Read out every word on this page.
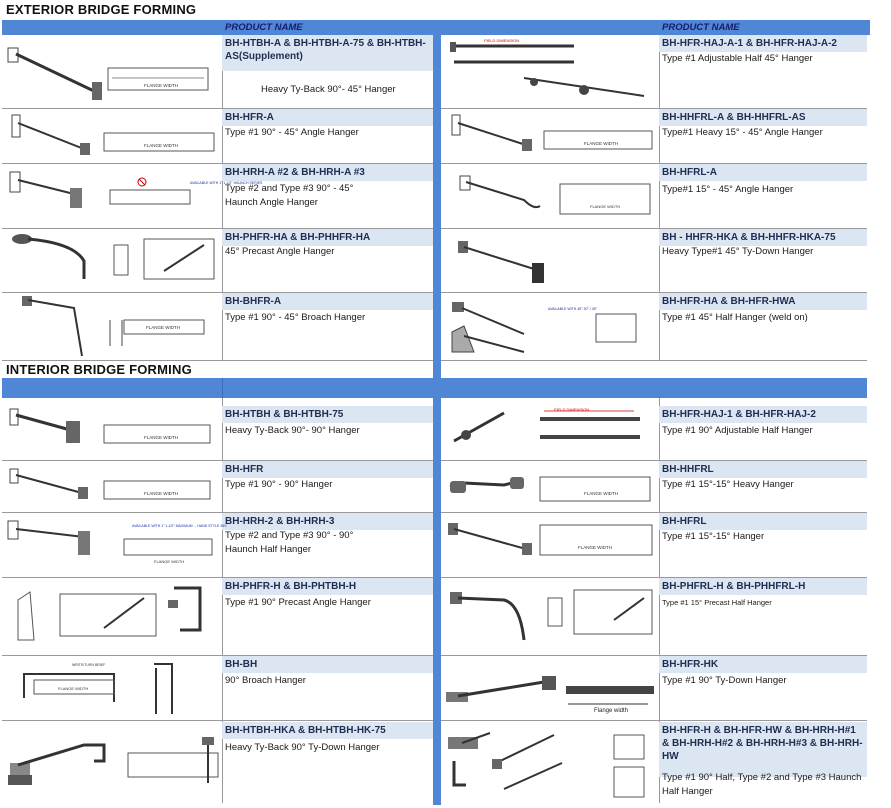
EXTERIOR BRIDGE FORMING
PRODUCT NAME	PRODUCT NAME
BH-HTBH-A & BH-HTBH-A-75 & BH-HTBH-AS(Supplement)
Heavy Ty-Back 90°- 45° Hanger
BH-HFR-A
Type #1 90° - 45° Angle Hanger
BH-HRH-A #2 & BH-HRH-A #3
Type #2 and Type #3 90° - 45° Haunch Angle Hanger
BH-PHFR-HA & BH-PHHFR-HA
45° Precast Angle Hanger
BH-BHFR-A
Type #1 90° - 45° Broach Hanger
BH-HFR-HAJ-A-1 & BH-HFR-HAJ-A-2
Type #1 Adjustable Half 45° Hanger
BH-HHFRL-A & BH-HHFRL-AS
Type#1 Heavy 15° - 45° Angle Hanger
BH-HFRL-A
Type#1 15° - 45° Angle Hanger
BH - HHFR-HKA & BH-HHFR-HKA-75
Heavy Type#1 45° Ty-Down Hanger
BH-HFR-HA & BH-HFR-HWA
Type #1 45° Half Hanger (weld on)
INTERIOR BRIDGE FORMING
BH-HTBH & BH-HTBH-75
Heavy Ty-Back 90°- 90° Hanger
BH-HFR
Type #1 90° - 90° Hanger
BH-HRH-2 & BH-HRH-3
Type #2 and Type #3 90° - 90° Haunch Half Hanger
BH-PHFR-H & BH-PHTBH-H
Type #1 90° Precast Angle Hanger
BH-BH
90° Broach Hanger
BH-HTBH-HKA & BH-HTBH-HK-75
Heavy Ty-Back 90° Ty-Down Hanger
BH-HFR-HAJ-1 & BH-HFR-HAJ-2
Type #1 90° Adjustable Half Hanger
BH-HHFRL
Type #1 15°-15° Heavy Hanger
BH-HFRL
Type #1 15°-15° Hanger
BH-PHFRL-H & BH-PHHFRL-H
Type #1 15° Precast Half Hanger
BH-HFR-HK
Type #1 90° Ty-Down Hanger
BH-HFR-H & BH-HFR-HW & BH-HRH-H#1 & BH-HRH-H#2 & BH-HRH-H#3 & BH-HRH-HW
Type #1 90° Half, Type #2 and Type #3 Haunch Half Hanger
FLANGE WIDTH
FLANGE WIDTH
AVAILABLE WITH 1" 1-1/2" HAUNCH SERIES
FLANGE WIDTH
FIELD DIMENSION
FLANGE WIDTH
FLANGE WIDTH
AVAILABLE WITH 45° 30° / 45°
FLANGE WIDTH
FLANGE WIDTH
AVAILABLE WITH 1" 1-1/2" MAXIMUM ... HAND STYLE 35S
FLANGE WIDTH
WRITE/TURN BRIEF
FLANGE WIDTH
FIELD DIMENSION
FLANGE WIDTH
FLANGE WIDTH
Flange width
